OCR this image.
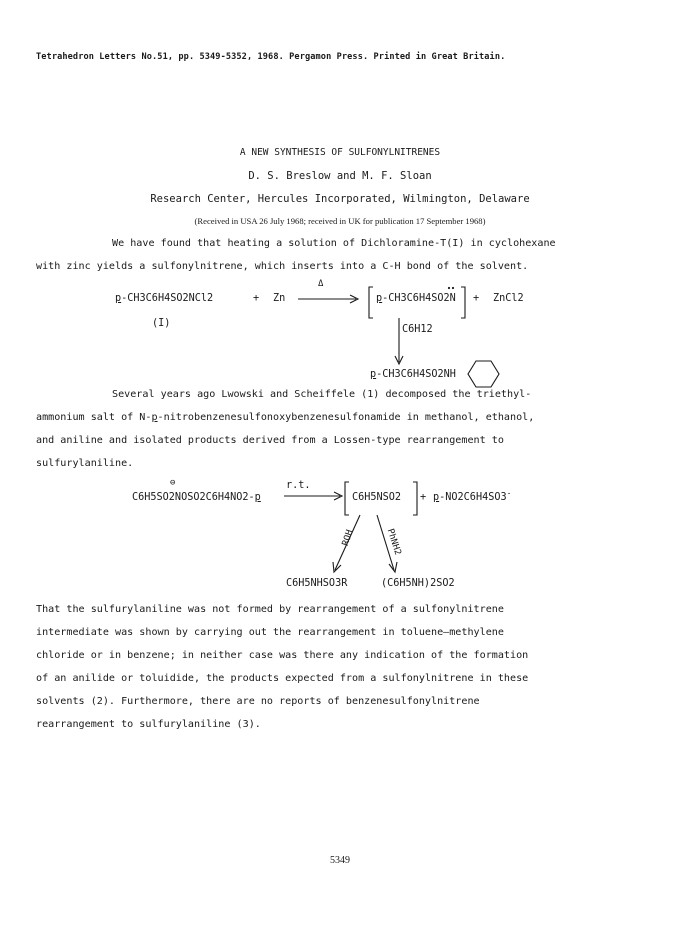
Tetrahedron Letters No.51, pp. 5349-5352, 1968. Pergamon Press. Printed in Great Britain.
A NEW SYNTHESIS OF SULFONYLNITRENES
D. S. Breslow and M. F. Sloan
Research Center, Hercules Incorporated, Wilmington, Delaware
(Received in USA 26 July 1968; received in UK for publication 17 September 1968)
We have found that heating a solution of Dichloramine-T(I) in cyclohexane
with zinc yields a sulfonylnitrene, which inserts into a C-H bond of the solvent.
p-CH3C6H4SO2NCl2	+ Zn
Δ
(I)
p-CH3C6H4SO2N + ZnCl2
C6H12
p-CH3C6H4SO2NH
Several years ago Lwowski and Scheiffele (1) decomposed the triethyl-
ammonium salt of N-p-nitrobenzenesulfonoxybenzenesulfonamide in methanol, ethanol,
and aniline and isolated products derived from a Lossen-type rearrangement to
sulfurylaniline.
⊖
C6H5SO2NOSO2C6H4NO2-p
r.t.
C6H5NSO2 + p-NO2C6H4SO3-
ROH	PhNH2
C6H5NHSO3R	(C6H5NH)2SO2
That the sulfurylaniline was not formed by rearrangement of a sulfonylnitrene
intermediate was shown by carrying out the rearrangement in toluene—methylene
chloride or in benzene; in neither case was there any indication of the formation
of an anilide or toluidide, the products expected from a sulfonylnitrene in these
solvents (2). Furthermore, there are no reports of benzenesulfonylnitrene
rearrangement to sulfurylaniline (3).
5349
